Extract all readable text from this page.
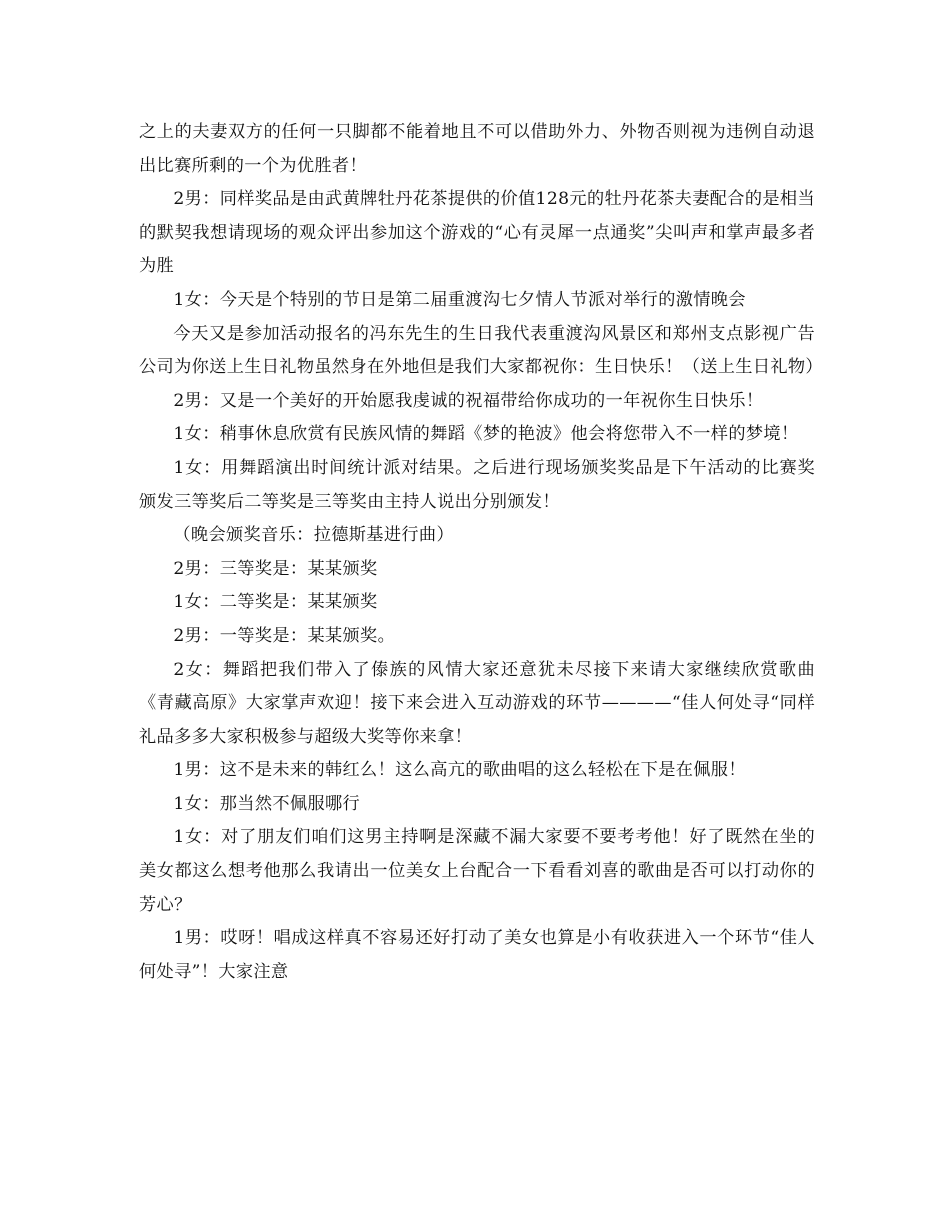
之上的夫妻双方的任何一只脚都不能着地且不可以借助外力、外物否则视为违例自动退出比赛所剩的一个为优胜者！

2男：同样奖品是由武黄牌牡丹花茶提供的价值128元的牡丹花茶夫妻配合的是相当的默契我想请现场的观众评出参加这个游戏的“心有灵犀一点通奖”尖叫声和掌声最多者为胜

1女：今天是个特别的节日是第二届重渡沟七夕情人节派对举行的激情晚会

今天又是参加活动报名的冯东先生的生日我代表重渡沟风景区和郑州支点影视广告公司为你送上生日礼物虽然身在外地但是我们大家都祝你：生日快乐！（送上生日礼物）

2男：又是一个美好的开始愿我虔诚的祝福带给你成功的一年祝你生日快乐！

1女：稍事休息欣赏有民族风情的舞蹈《梦的艳波》他会将您带入不一样的梦境！

1女：用舞蹈演出时间统计派对结果。之后进行现场颁奖奖品是下午活动的比赛奖颁发三等奖后二等奖是三等奖由主持人说出分别颁发！

（晚会颁奖音乐：拉德斯基进行曲）

2男：三等奖是：某某颁奖

1女：二等奖是：某某颁奖

2男：一等奖是：某某颁奖。

2女：舞蹈把我们带入了傣族的风情大家还意犹未尽接下来请大家继续欣赏歌曲《青藏高原》大家掌声欢迎！接下来会进入互动游戏的环节————“佳人何处寻“同样礼品多多大家积极参与超级大奖等你来拿！

1男：这不是未来的韩红么！这么高亢的歌曲唱的这么轻松在下是在佩服！

1女：那当然不佩服哪行

1女：对了朋友们咱们这男主持啊是深藏不漏大家要不要考考他！好了既然在坐的美女都这么想考他那么我请出一位美女上台配合一下看看刘喜的歌曲是否可以打动你的芳心？

1男：哎呀！唱成这样真不容易还好打动了美女也算是小有收获进入一个环节“佳人何处寻”！大家注意
